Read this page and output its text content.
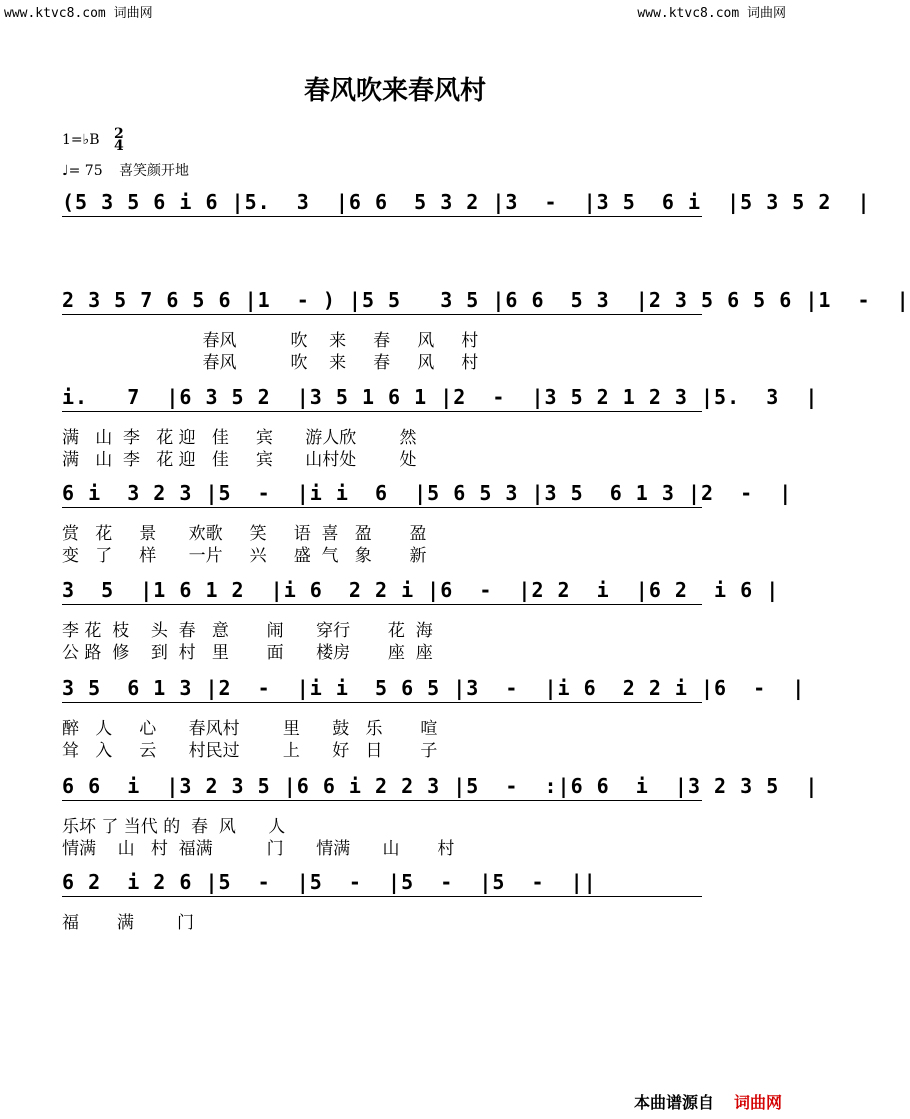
www.ktvc8.com 词曲网	www.ktvc8.com 词曲网
春风吹来春风村
1=♭B 2
4
♩= 75 喜笑颜开地
(5 3 5 6 i 6 |5.  3  |6 6  5 3 2 |3  -  |3 5  6 i  |5 3 5 2  |
2 3 5 7 6 5 6 |1  - ) |5 5   3 5 |6 6  5 3  |2 3 5 6 5 6 |1  -  |
春风          吹    来     春     风     村
春风          吹    来     春     风     村
i.   7  |6 3 5 2  |3 5 1 6 1 |2  -  |3 5 2 1 2 3 |5.  3  |
满   山  李   花 迎   佳     宾      游人欣        然
满   山  李   花 迎   佳     宾      山村处        处
6 i  3 2 3 |5  -  |i i  6  |5 6 5 3 |3 5  6 1 3 |2  -  |
赏   花     景      欢歌     笑     语  喜   盈       盈
变   了     样      一片     兴     盛  气   象       新
3  5  |1 6 1 2  |i 6  2 2 i |6  -  |2 2  i  |6 2  i 6 |
李 花  枝    头  春   意       闹      穿行       花  海
公 路  修    到  村   里       面      楼房       座  座
3 5  6 1 3 |2  -  |i i  5 6 5 |3  -  |i 6  2 2 i |6  -  |
醉   人     心      春风村        里      鼓   乐       喧
耸   入     云      村民过        上      好   日       子
6 6  i  |3 2 3 5 |6 6 i 2 2 3 |5  -  :|6 6  i  |3 2 3 5  |
乐坏 了 当代 的  春  风      人
情满    山   村  福满          门      情满      山       村
6 2  i 2 6 |5  -  |5  -  |5  -  |5  -  ||
福       满        门
本曲谱源自 词曲网
